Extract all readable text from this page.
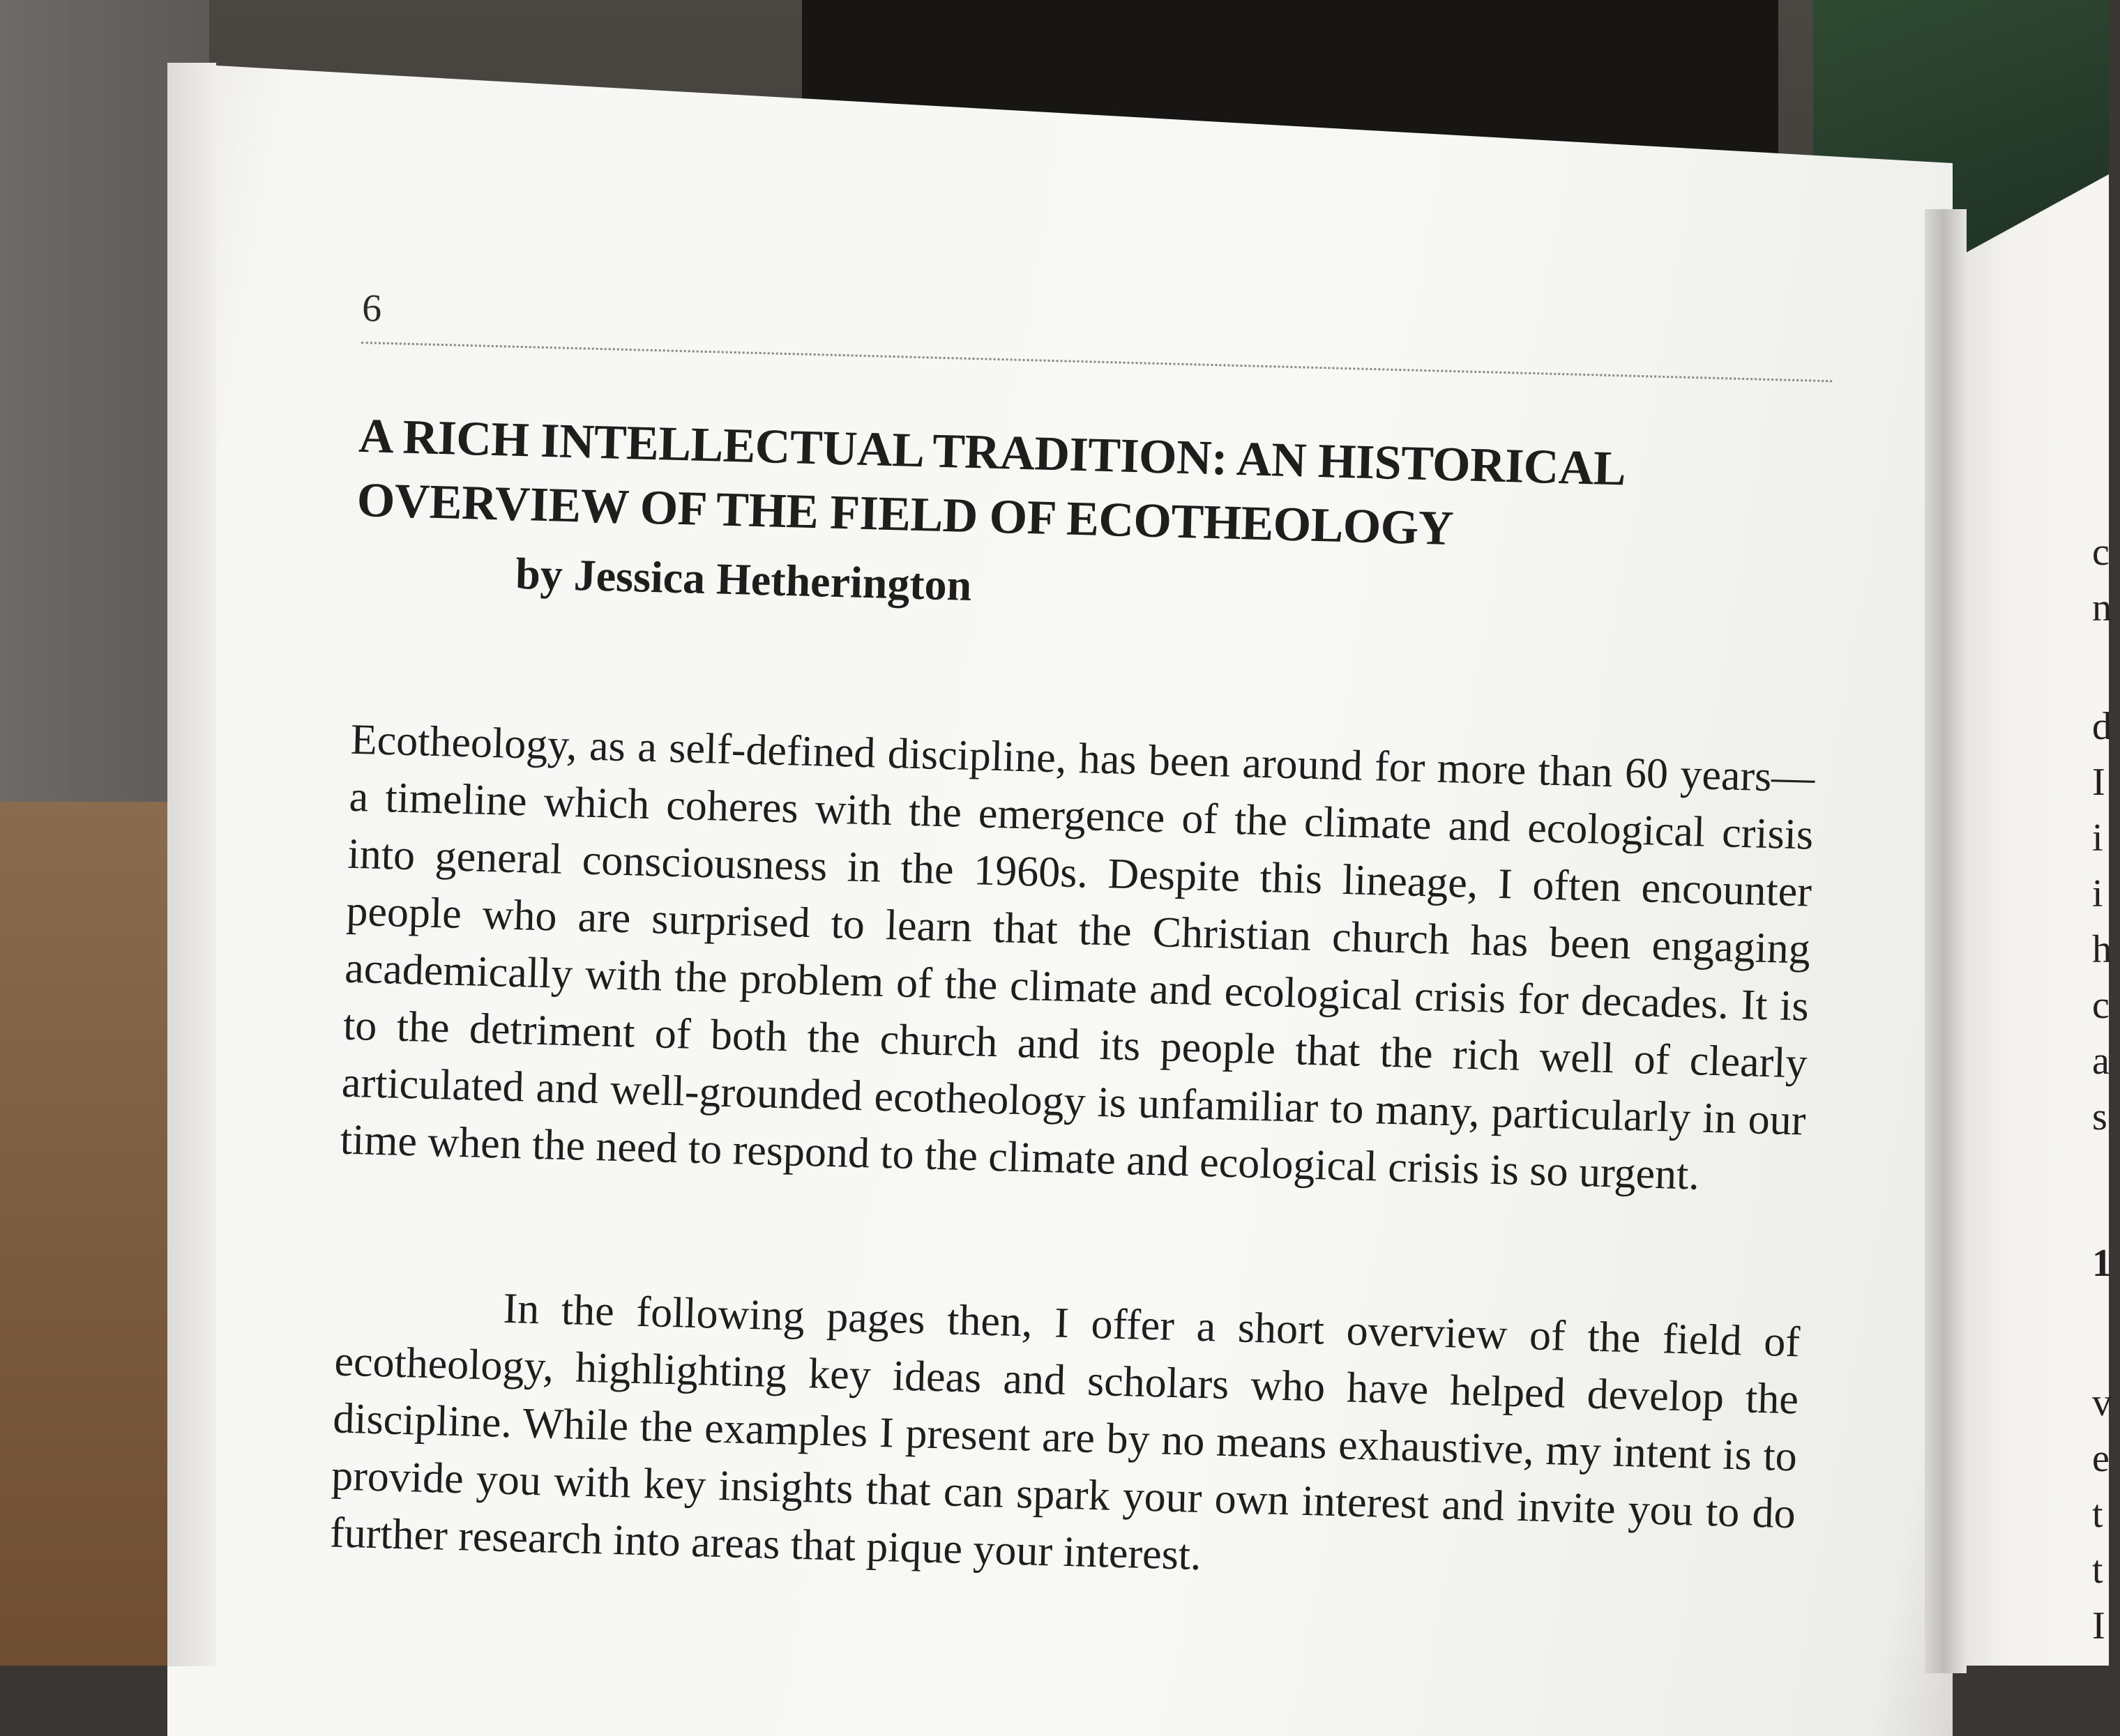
6
A RICH INTELLECTUAL TRADITION: AN HISTORICAL OVERVIEW OF THE FIELD OF ECOTHEOLOGY
by Jessica Hetherington

Ecotheology, as a self-defined discipline, has been around for more than 60 years—a timeline which coheres with the emergence of the climate and ecological crisis into general consciousness in the 1960s. Despite this lineage, I often encounter people who are surprised to learn that the Christian church has been engaging academically with the problem of the climate and ecological crisis for decades. It is to the detriment of both the church and its people that the rich well of clearly articulated and well-grounded ecotheology is unfamiliar to many, particularly in our time when the need to respond to the climate and ecological crisis is so urgent.

In the following pages then, I offer a short overview of the field of ecotheology, highlighting key ideas and scholars who have helped develop the discipline. While the examples I present are by no means exhaustive, my intent is to provide you with key insights that can spark your own interest and invite you to do further research into areas that pique your interest.

c
n
d
I
i
i
h
c
a
s
1
v
e
t
t
I
